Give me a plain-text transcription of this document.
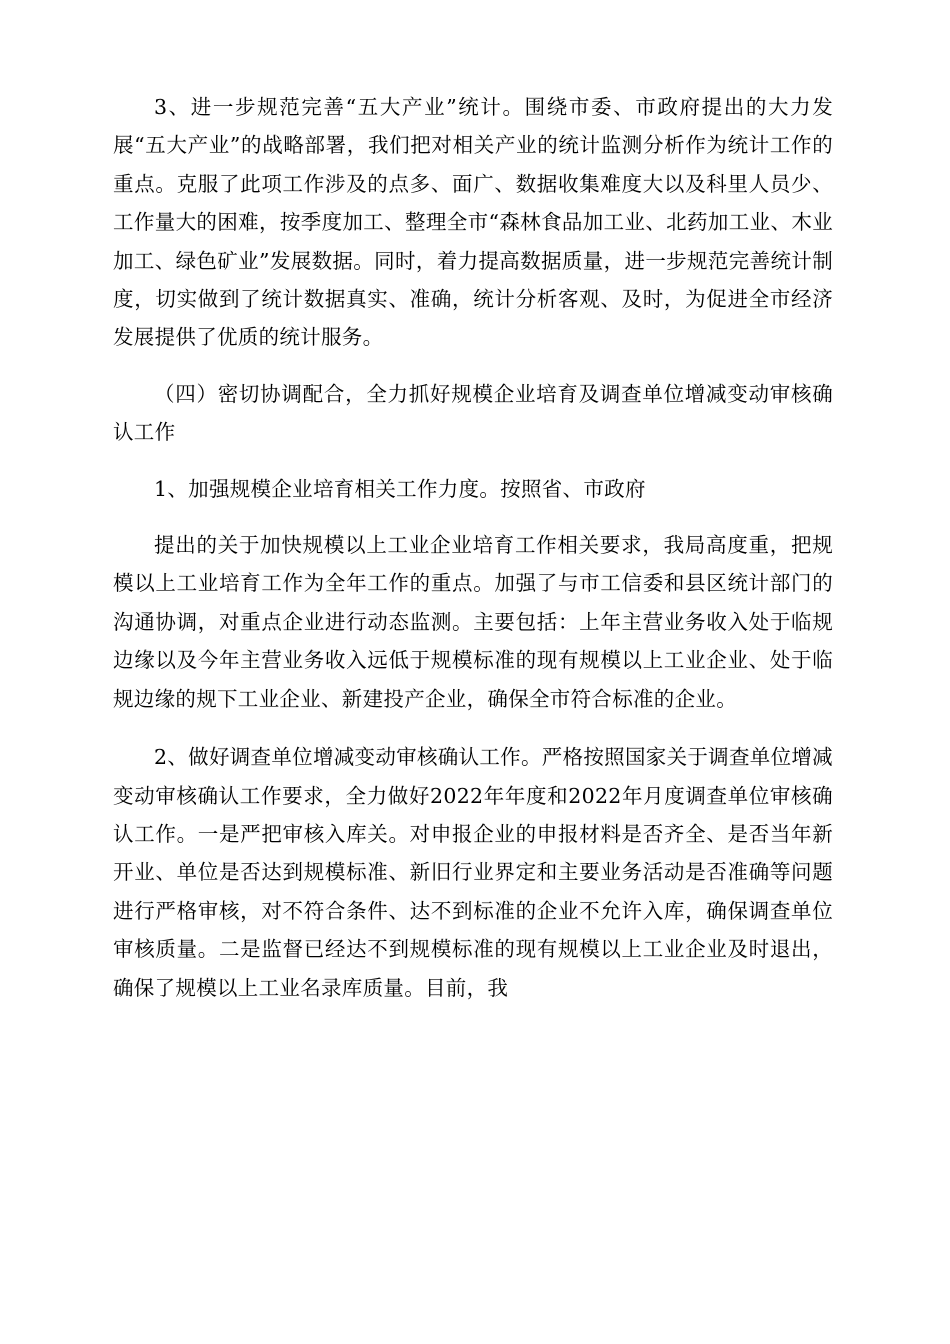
3、进一步规范完善“五大产业”统计。围绕市委、市政府提出的大力发展“五大产业”的战略部署，我们把对相关产业的统计监测分析作为统计工作的重点。克服了此项工作涉及的点多、面广、数据收集难度大以及科里人员少、工作量大的困难，按季度加工、整理全市“森林食品加工业、北药加工业、木业加工、绿色矿业”发展数据。同时，着力提高数据质量，进一步规范完善统计制度，切实做到了统计数据真实、准确，统计分析客观、及时，为促进全市经济发展提供了优质的统计服务。

（四）密切协调配合，全力抓好规模企业培育及调查单位增减变动审核确认工作

1、加强规模企业培育相关工作力度。按照省、市政府

提出的关于加快规模以上工业企业培育工作相关要求，我局高度重，把规模以上工业培育工作为全年工作的重点。加强了与市工信委和县区统计部门的沟通协调，对重点企业进行动态监测。主要包括：上年主营业务收入处于临规边缘以及今年主营业务收入远低于规模标准的现有规模以上工业企业、处于临规边缘的规下工业企业、新建投产企业，确保全市符合标准的企业。

2、做好调查单位增减变动审核确认工作。严格按照国家关于调查单位增减变动审核确认工作要求，全力做好2022年年度和2022年月度调查单位审核确认工作。一是严把审核入库关。对申报企业的申报材料是否齐全、是否当年新开业、单位是否达到规模标准、新旧行业界定和主要业务活动是否准确等问题进行严格审核，对不符合条件、达不到标准的企业不允许入库，确保调查单位审核质量。二是监督已经达不到规模标准的现有规模以上工业企业及时退出，确保了规模以上工业名录库质量。目前，我
